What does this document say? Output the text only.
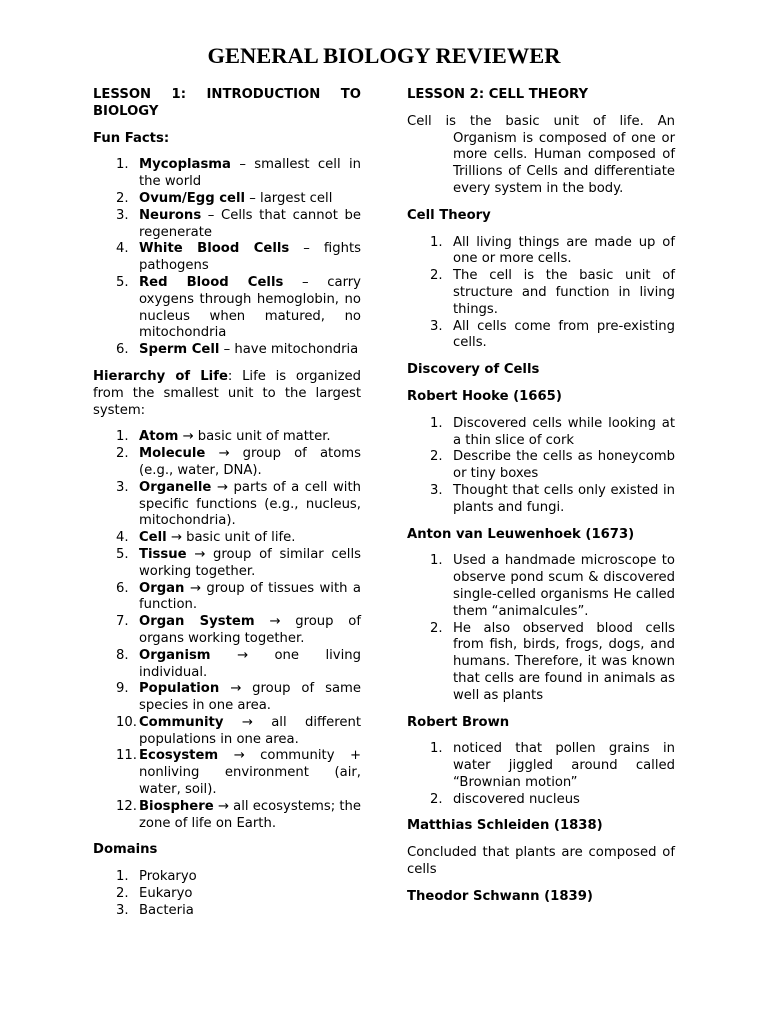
GENERAL BIOLOGY REVIEWER
LESSON 1: INTRODUCTION TO BIOLOGY
Fun Facts:
1. Mycoplasma – smallest cell in the world
2. Ovum/Egg cell – largest cell
3. Neurons – Cells that cannot be regenerate
4. White Blood Cells – fights pathogens
5. Red Blood Cells – carry oxygens through hemoglobin, no nucleus when matured, no mitochondria
6. Sperm Cell – have mitochondria
Hierarchy of Life: Life is organized from the smallest unit to the largest system:
1. Atom → basic unit of matter.
2. Molecule → group of atoms (e.g., water, DNA).
3. Organelle → parts of a cell with specific functions (e.g., nucleus, mitochondria).
4. Cell → basic unit of life.
5. Tissue → group of similar cells working together.
6. Organ → group of tissues with a function.
7. Organ System → group of organs working together.
8. Organism → one living individual.
9. Population → group of same species in one area.
10. Community → all different populations in one area.
11. Ecosystem → community + nonliving environment (air, water, soil).
12. Biosphere → all ecosystems; the zone of life on Earth.
Domains
1. Prokaryo
2. Eukaryo
3. Bacteria
LESSON 2: CELL THEORY
Cell is the basic unit of life. An Organism is composed of one or more cells. Human composed of Trillions of Cells and differentiate every system in the body.
Cell Theory
1. All living things are made up of one or more cells.
2. The cell is the basic unit of structure and function in living things.
3. All cells come from pre-existing cells.
Discovery of Cells
Robert Hooke (1665)
1. Discovered cells while looking at a thin slice of cork
2. Describe the cells as honeycomb or tiny boxes
3. Thought that cells only existed in plants and fungi.
Anton van Leuwenhoek (1673)
1. Used a handmade microscope to observe pond scum & discovered single-celled organisms He called them “animalcules”.
2. He also observed blood cells from fish, birds, frogs, dogs, and humans. Therefore, it was known that cells are found in animals as well as plants
Robert Brown
1. noticed that pollen grains in water jiggled around called “Brownian motion”
2. discovered nucleus
Matthias Schleiden (1838)
Concluded that plants are composed of cells
Theodor Schwann (1839)
